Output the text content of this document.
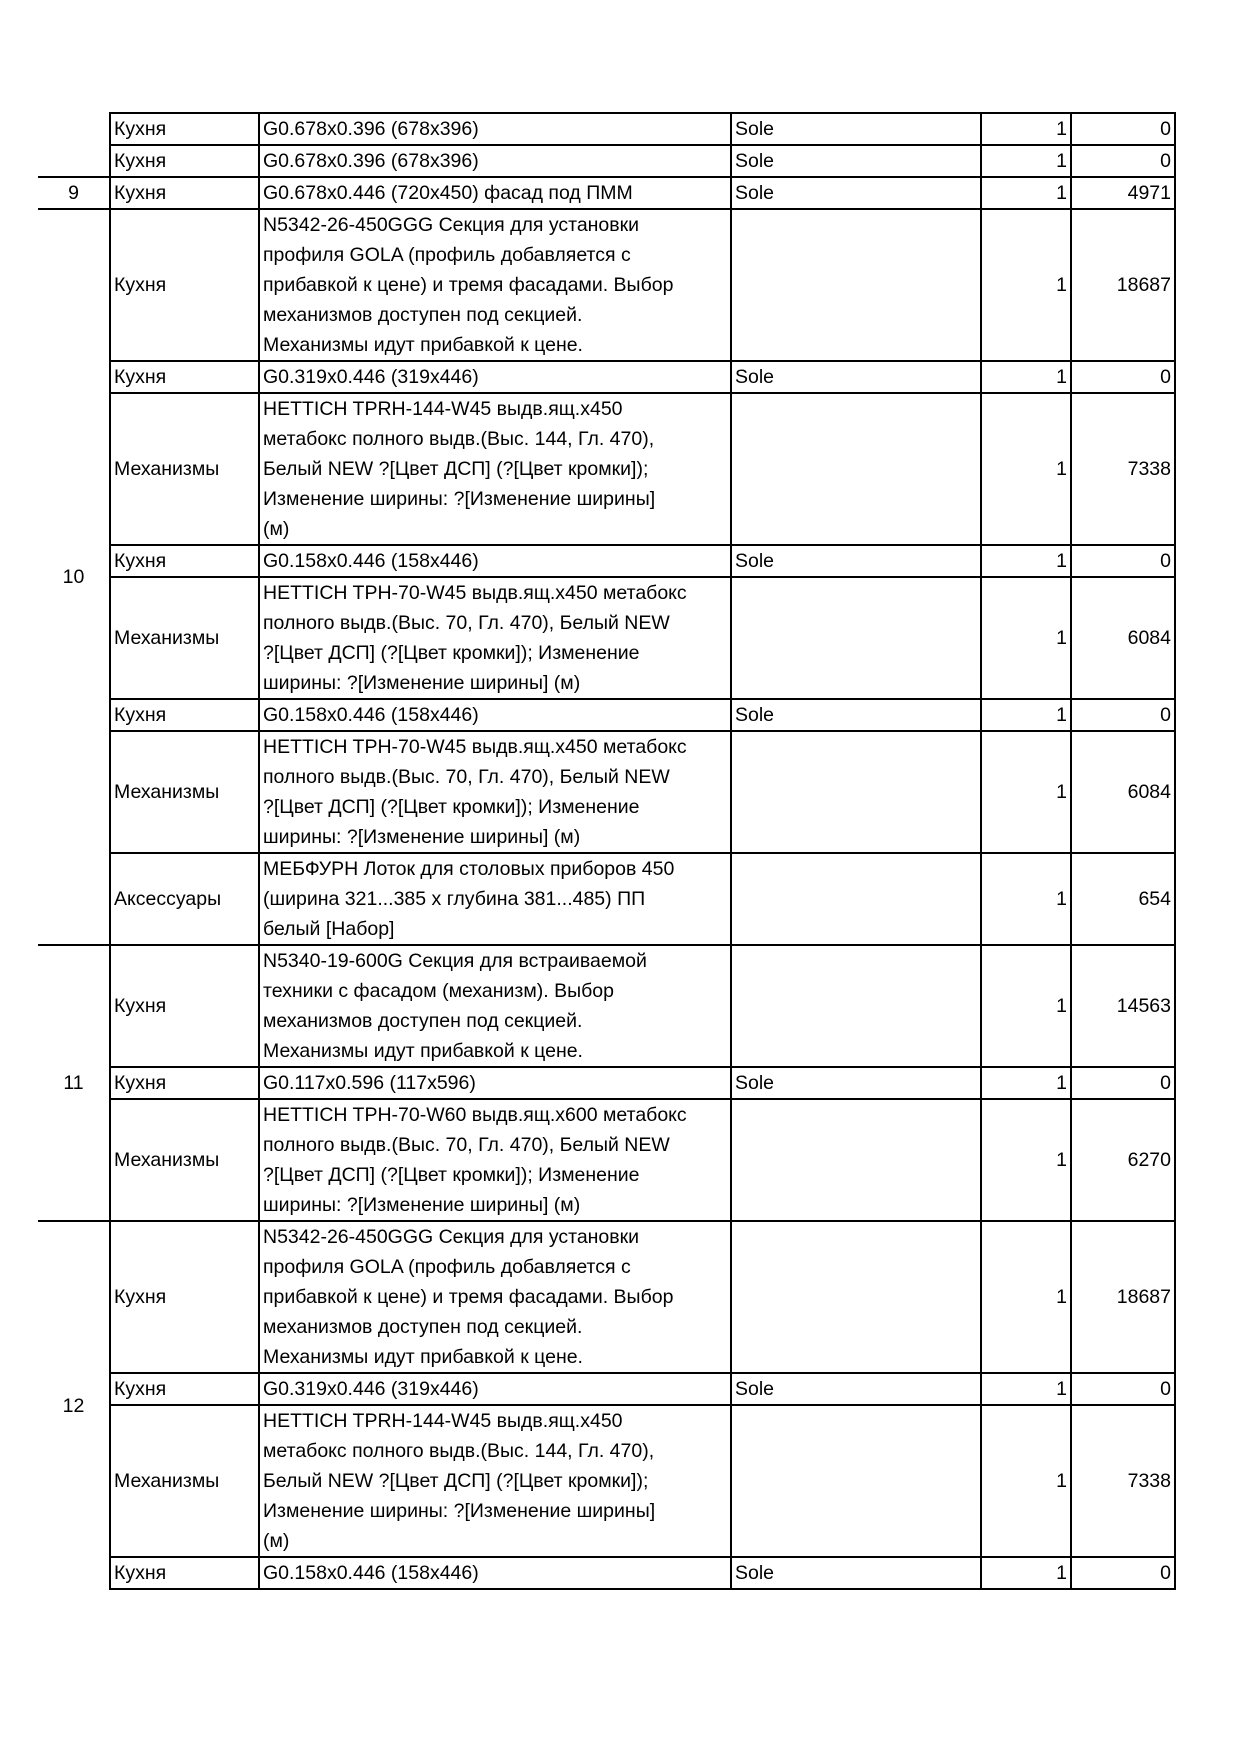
	Кухня	G0.678x0.396 (678x396)	Sole	1	0
	Кухня	G0.678x0.396 (678x396)	Sole	1	0
9	Кухня	G0.678x0.446 (720x450) фасад под ПММ	Sole	1	4971
10	Кухня	N5342-26-450GGG Секция для установки
профиля GOLA (профиль добавляется с
прибавкой к цене) и тремя фасадами. Выбор
механизмов доступен под секцией.
Механизмы идут прибавкой к цене.		1	18687
	Кухня	G0.319x0.446 (319x446)	Sole	1	0
	Механизмы	HETTICH TPRH-144-W45 выдв.ящ.x450
метабокс полного выдв.(Выс. 144, Гл. 470),
Белый NEW ?[Цвет ДСП] (?[Цвет кромки]);
Изменение ширины: ?[Изменение ширины]
(м)		1	7338
	Кухня	G0.158x0.446 (158x446)	Sole	1	0
	Механизмы	HETTICH TPH-70-W45 выдв.ящ.x450 метабокс
полного выдв.(Выс. 70, Гл. 470), Белый NEW
?[Цвет ДСП] (?[Цвет кромки]); Изменение
ширины: ?[Изменение ширины] (м)		1	6084
	Кухня	G0.158x0.446 (158x446)	Sole	1	0
	Механизмы	HETTICH TPH-70-W45 выдв.ящ.x450 метабокс
полного выдв.(Выс. 70, Гл. 470), Белый NEW
?[Цвет ДСП] (?[Цвет кромки]); Изменение
ширины: ?[Изменение ширины] (м)		1	6084
	Аксессуары	МЕБФУРН Лоток для столовых приборов 450
(ширина 321...385 х глубина 381...485) ПП
белый [Набор]		1	654
11	Кухня	N5340-19-600G Секция для встраиваемой
техники с фасадом (механизм). Выбор
механизмов доступен под секцией.
Механизмы идут прибавкой к цене.		1	14563
	Кухня	G0.117x0.596 (117x596)	Sole	1	0
	Механизмы	HETTICH TPH-70-W60 выдв.ящ.x600 метабокс
полного выдв.(Выс. 70, Гл. 470), Белый NEW
?[Цвет ДСП] (?[Цвет кромки]); Изменение
ширины: ?[Изменение ширины] (м)		1	6270
12	Кухня	N5342-26-450GGG Секция для установки
профиля GOLA (профиль добавляется с
прибавкой к цене) и тремя фасадами. Выбор
механизмов доступен под секцией.
Механизмы идут прибавкой к цене.		1	18687
	Кухня	G0.319x0.446 (319x446)	Sole	1	0
	Механизмы	HETTICH TPRH-144-W45 выдв.ящ.x450
метабокс полного выдв.(Выс. 144, Гл. 470),
Белый NEW ?[Цвет ДСП] (?[Цвет кромки]);
Изменение ширины: ?[Изменение ширины]
(м)		1	7338
	Кухня	G0.158x0.446 (158x446)	Sole	1	0
